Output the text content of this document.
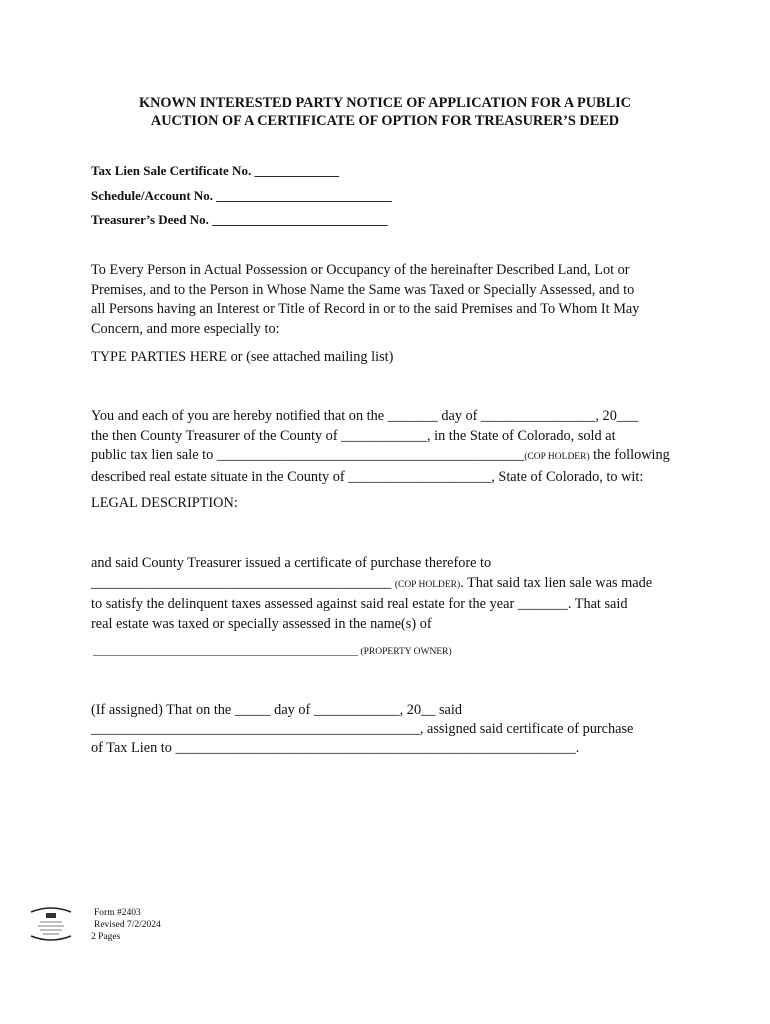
KNOWN INTERESTED PARTY NOTICE OF APPLICATION FOR A PUBLIC
AUCTION OF A CERTIFICATE OF OPTION FOR TREASURER’S DEED
Tax Lien Sale Certificate No. _____________
Schedule/Account No. ___________________________
Treasurer’s Deed No. ___________________________
To Every Person in Actual Possession or Occupancy of the hereinafter Described Land, Lot or
Premises, and to the Person in Whose Name the Same was Taxed or Specially Assessed, and to
all Persons having an Interest or Title of Record in or to the said Premises and To Whom It May
Concern, and more especially to:
TYPE PARTIES HERE or (see attached mailing list)
You and each of you are hereby notified that on the _______ day of ________________, 20___
the then County Treasurer of the County of ____________, in the State of Colorado, sold at
public tax lien sale to ___________________________________________(COP HOLDER) the following
described real estate situate in the County of ____________________, State of Colorado, to wit:
LEGAL DESCRIPTION:
and said County Treasurer issued a certificate of purchase therefore to
__________________________________________ (COP HOLDER). That said tax lien sale was made
to satisfy the delinquent taxes assessed against said real estate for the year _______. That said
real estate was taxed or specially assessed in the name(s) of
_____________________________________________________ (PROPERTY OWNER)
(If assigned) That on the _____ day of ____________, 20__ said
______________________________________________, assigned said certificate of purchase
of Tax Lien to ________________________________________________________.
Form #2403
Revised 7/2/2024
2 Pages
